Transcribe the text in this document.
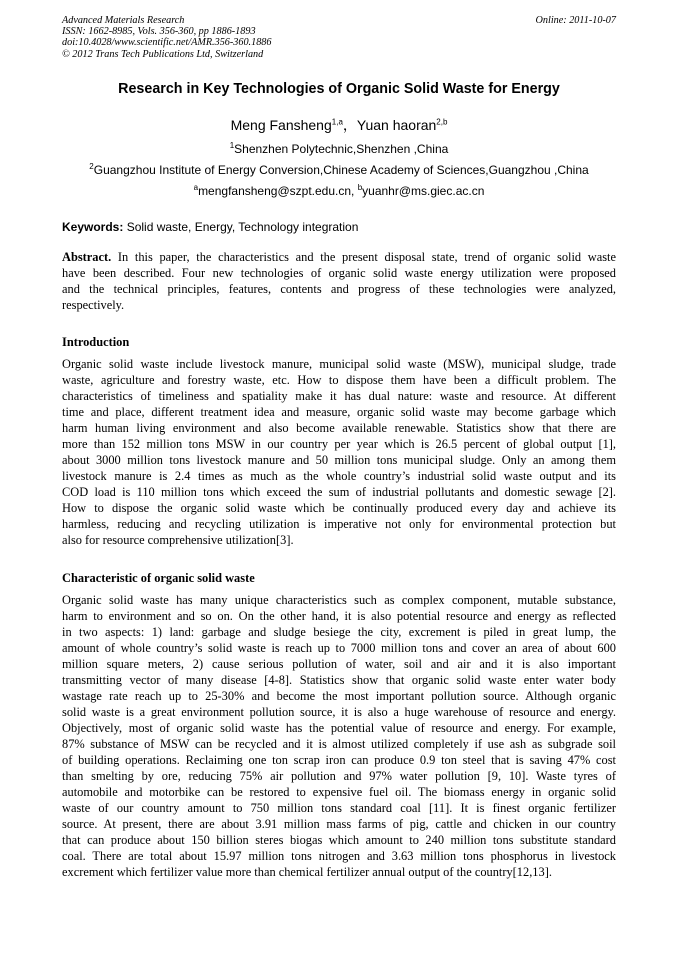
Advanced Materials Research
ISSN: 1662-8985, Vols. 356-360, pp 1886-1893
doi:10.4028/www.scientific.net/AMR.356-360.1886
© 2012 Trans Tech Publications Ltd, Switzerland
Online: 2011-10-07
Research in Key Technologies of Organic Solid Waste for Energy
Meng Fansheng$^{1,a}$，Yuan haoran$^{2,b}$
$^1$Shenzhen Polytechnic,Shenzhen ,China
$^2$Guangzhou Institute of Energy Conversion,Chinese Academy of Sciences,Guangzhou ,China
$^a$mengfansheng@szpt.edu.cn, $^b$yuanhr@ms.giec.ac.cn
Keywords: Solid waste, Energy, Technology integration
Abstract. In this paper, the characteristics and the present disposal state, trend of organic solid waste
have been described. Four new technologies of organic solid waste energy utilization were proposed
and the technical principles, features, contents and progress of these technologies were analyzed,
respectively.
Introduction
Organic solid waste include livestock manure, municipal solid waste (MSW), municipal sludge, trade
waste, agriculture and forestry waste, etc. How to dispose them have been a difficult problem. The
characteristics of timeliness and spatiality make it has dual nature: waste and resource. At different
time and place, different treatment idea and measure, organic solid waste may become garbage which
harm human living environment and also become available renewable. Statistics show that there are
more than 152 million tons MSW in our country per year which is 26.5 percent of global output [1],
about 3000 million tons livestock manure and 50 million tons municipal sludge. Only an among them
livestock manure is 2.4 times as much as the whole country’s industrial solid waste output and its
COD load is 110 million tons which exceed the sum of industrial pollutants and domestic sewage [2].
How to dispose the organic solid waste which be continually produced every day and achieve its
harmless, reducing and recycling utilization is imperative not only for environmental protection but
also for resource comprehensive utilization[3].
Characteristic of organic solid waste
Organic solid waste has many unique characteristics such as complex component, mutable substance,
harm to environment and so on. On the other hand, it is also potential resource and energy as reflected
in two aspects: 1) land: garbage and sludge besiege the city, excrement is piled in great lump, the
amount of whole country’s solid waste is reach up to 7000 million tons and cover an area of about 600
million square meters, 2) cause serious pollution of water, soil and air and it is also important
transmitting vector of many disease [4-8]. Statistics show that organic solid waste enter water body
wastage rate reach up to 25-30% and become the most important pollution source. Although organic
solid waste is a great environment pollution source, it is also a huge warehouse of resource and energy.
Objectively, most of organic solid waste has the potential value of resource and energy. For example,
87% substance of MSW can be recycled and it is almost utilized completely if use ash as subgrade soil
of building operations. Reclaiming one ton scrap iron can produce 0.9 ton steel that is saving 47% cost
than smelting by ore, reducing 75% air pollution and 97% water pollution [9, 10]. Waste tyres of
automobile and motorbike can be restored to expensive fuel oil. The biomass energy in organic solid
waste of our country amount to 750 million tons standard coal [11]. It is finest organic fertilizer
source. At present, there are about 3.91 million mass farms of pig, cattle and chicken in our country
that can produce about 150 billion steres biogas which amount to 240 million tons substitute standard
coal. There are total about 15.97 million tons nitrogen and 3.63 million tons phosphorus in livestock
excrement which fertilizer value more than chemical fertilizer annual output of the country[12,13].
